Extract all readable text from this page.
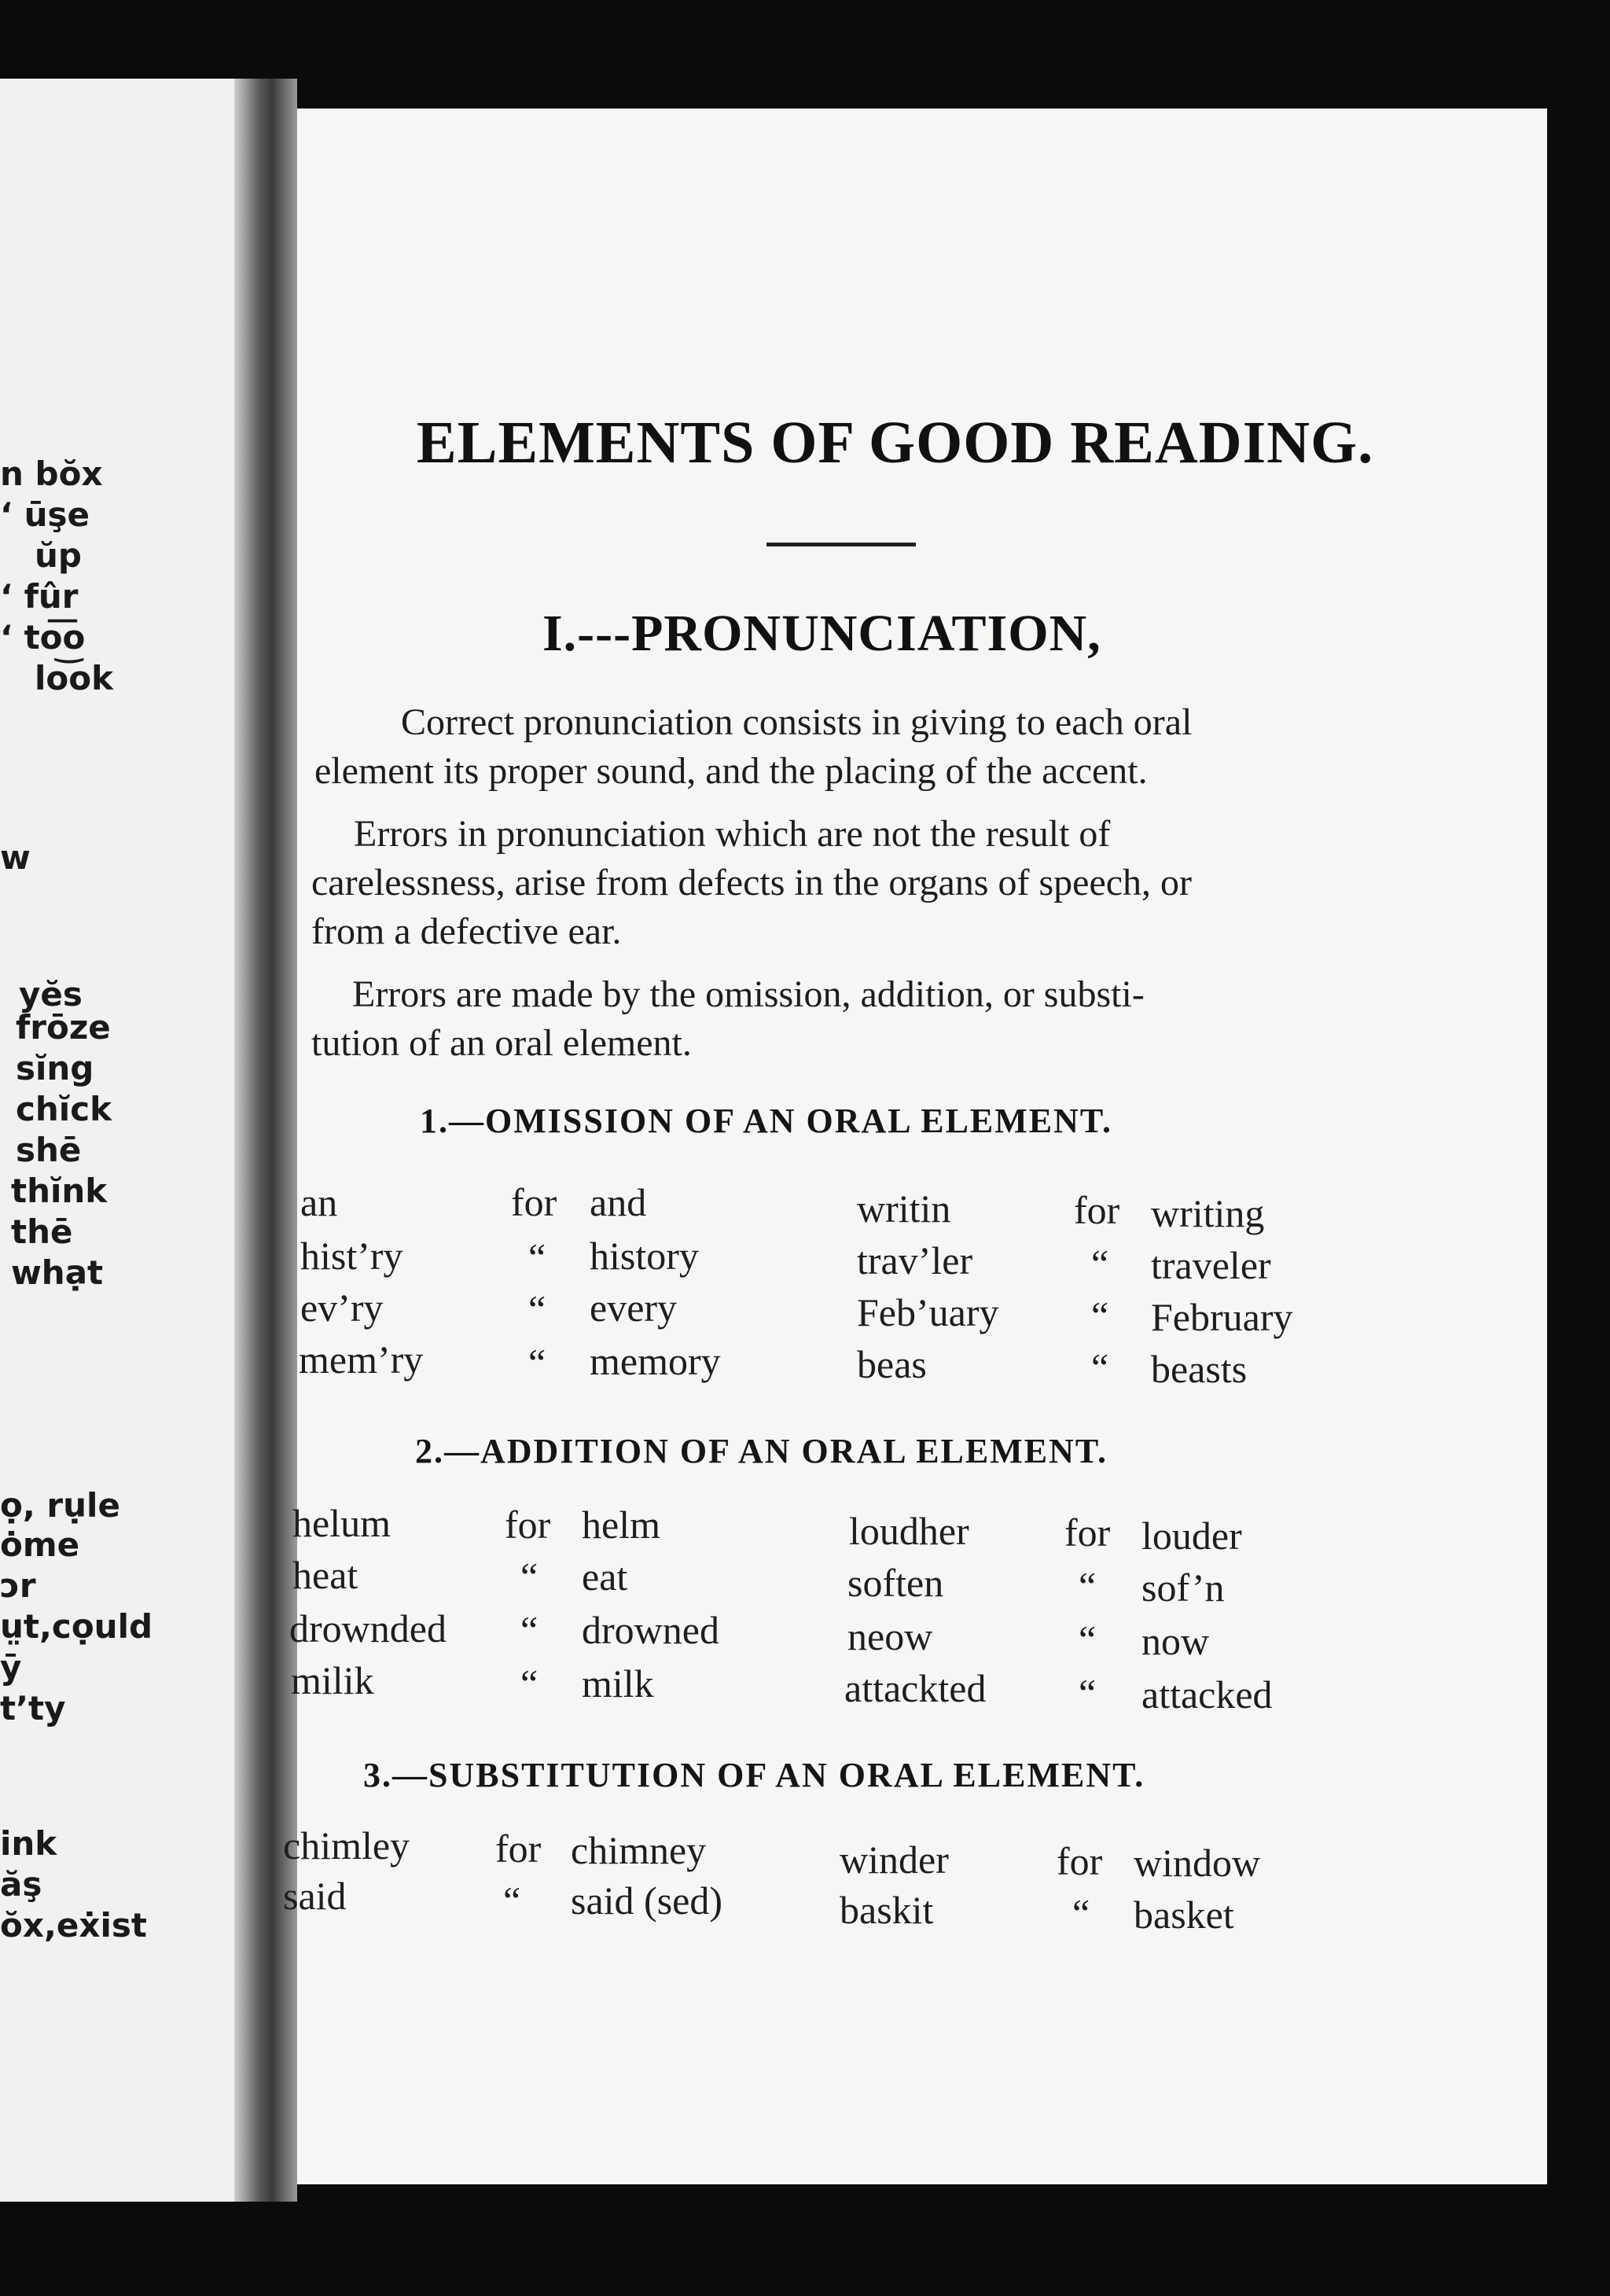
n bŏx
‘ ūşe
ŭp
‘ fûr
‘ to͞o
lo͝ok
w
yĕs
frōze
sĭng
chĭck
shē
thĭnk
thē
whạt
ọ, rụle
ȯme
ɔr
ṳt,cọuld
ȳ
t’ty
ink
ăş
ŏx,eẋist
ELEMENTS OF GOOD READING.
I.---PRONUNCIATION,
Correct pronunciation consists in giving to each oral
element its proper sound, and the placing of the accent.
Errors in pronunciation which are not the result of
carelessness, arise from defects in the organs of speech, or
from a defective ear.
Errors are made by the omission, addition, or substi-
tution of an oral element.
1.—OMISSION OF AN ORAL ELEMENT.
an	for and	writin	for writing
hist’ry	“ history	trav’ler	“ traveler
ev’ry	“ every	Feb’uary “ February
mem’ry	“ memory	beas	“ beasts
2.—ADDITION OF AN ORAL ELEMENT.
helum	for helm	loudher for louder
heat	“ eat	soften	“ sof’n
drownded “ drowned	neow	“ now
milik	“ milk	attackted “ attacked
3.—SUBSTITUTION OF AN ORAL ELEMENT.
chimley for chimney	winder	for window
said	“ said (sed)	baskit	“ basket
